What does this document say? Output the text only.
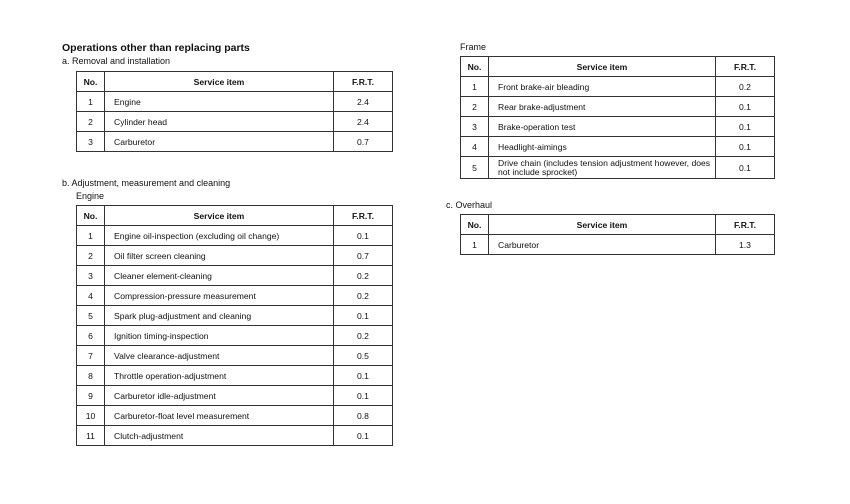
Operations other than replacing parts
a. Removal and installation
No.	Service item	F.R.T.
1	Engine	2.4
2	Cylinder head	2.4
3	Carburetor	0.7
b. Adjustment, measurement and cleaning
Engine
No.	Service item	F.R.T.
1	Engine oil-inspection (excluding oil change)	0.1
2	Oil filter screen cleaning	0.7
3	Cleaner element-cleaning	0.2
4	Compression-pressure measurement	0.2
5	Spark plug-adjustment and cleaning	0.1
6	Ignition timing-inspection	0.2
7	Valve clearance-adjustment	0.5
8	Throttle operation-adjustment	0.1
9	Carburetor idle-adjustment	0.1
10	Carburetor-float level measurement	0.8
11	Clutch-adjustment	0.1
Frame
No.	Service item	F.R.T.
1	Front brake-air bleading	0.2
2	Rear brake-adjustment	0.1
3	Brake-operation test	0.1
4	Headlight-aimings	0.1
5	Drive chain (includes tension adjustment however, does not include sprocket)	0.1
c. Overhaul
No.	Service item	F.R.T.
1	Carburetor	1.3
